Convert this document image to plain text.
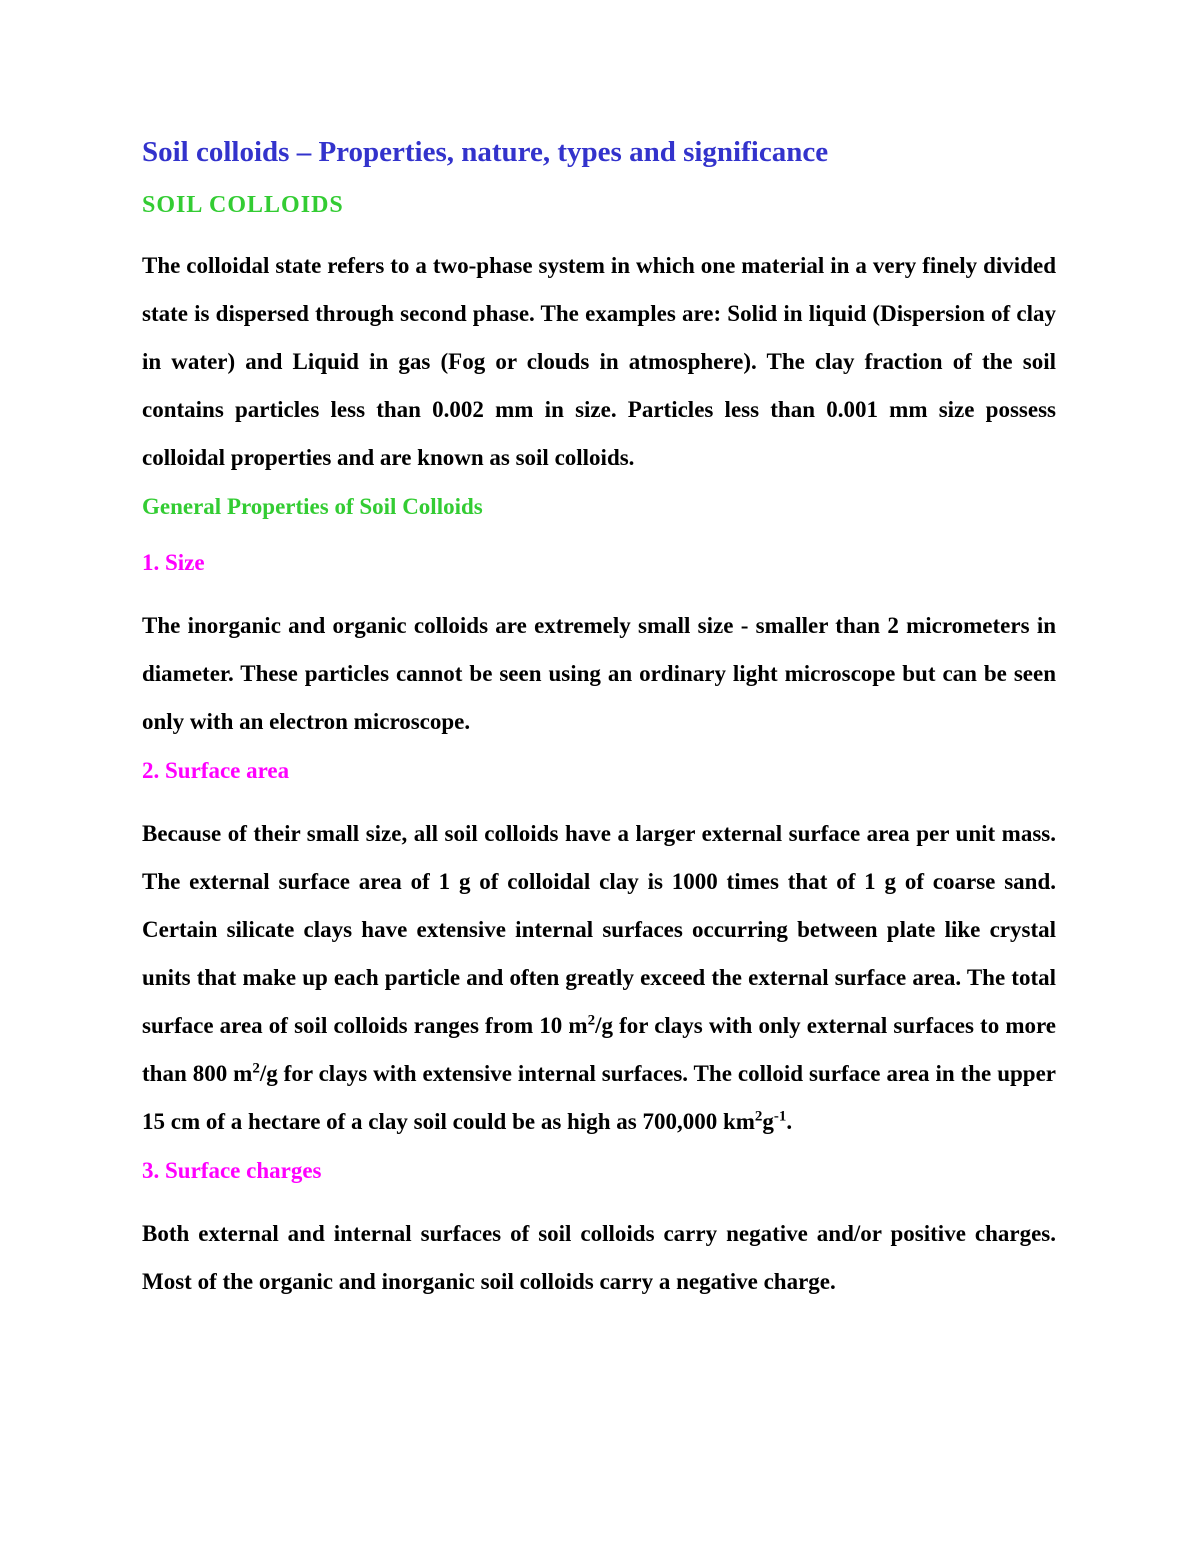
Soil colloids – Properties, nature, types and significance
SOIL COLLOIDS

The colloidal state refers to a two-phase system in which one material in a very finely divided state is dispersed through second phase. The examples are: Solid in liquid (Dispersion of clay in water) and Liquid in gas (Fog or clouds in atmosphere). The clay fraction of the soil contains particles less than 0.002 mm in size. Particles less than 0.001 mm size possess colloidal properties and are known as soil colloids.

General Properties of Soil Colloids
1. Size

The inorganic and organic colloids are extremely small size - smaller than 2 micrometers in diameter. These particles cannot be seen using an ordinary light microscope but can be seen only with an electron microscope.

2. Surface area

Because of their small size, all soil colloids have a larger external surface area per unit mass. The external surface area of 1 g of colloidal clay is 1000 times that of 1 g of coarse sand. Certain silicate clays have extensive internal surfaces occurring between plate like crystal units that make up each particle and often greatly exceed the external surface area. The total surface area of soil colloids ranges from 10 $m^2/g$ for clays with only external surfaces to more than 800 $m^2/g$ for clays with extensive internal surfaces. The colloid surface area in the upper 15 cm of a hectare of a clay soil could be as high as 700,000 $km^2g^{-1}$.

3. Surface charges

Both external and internal surfaces of soil colloids carry negative and/or positive charges. Most of the organic and inorganic soil colloids carry a negative charge.
